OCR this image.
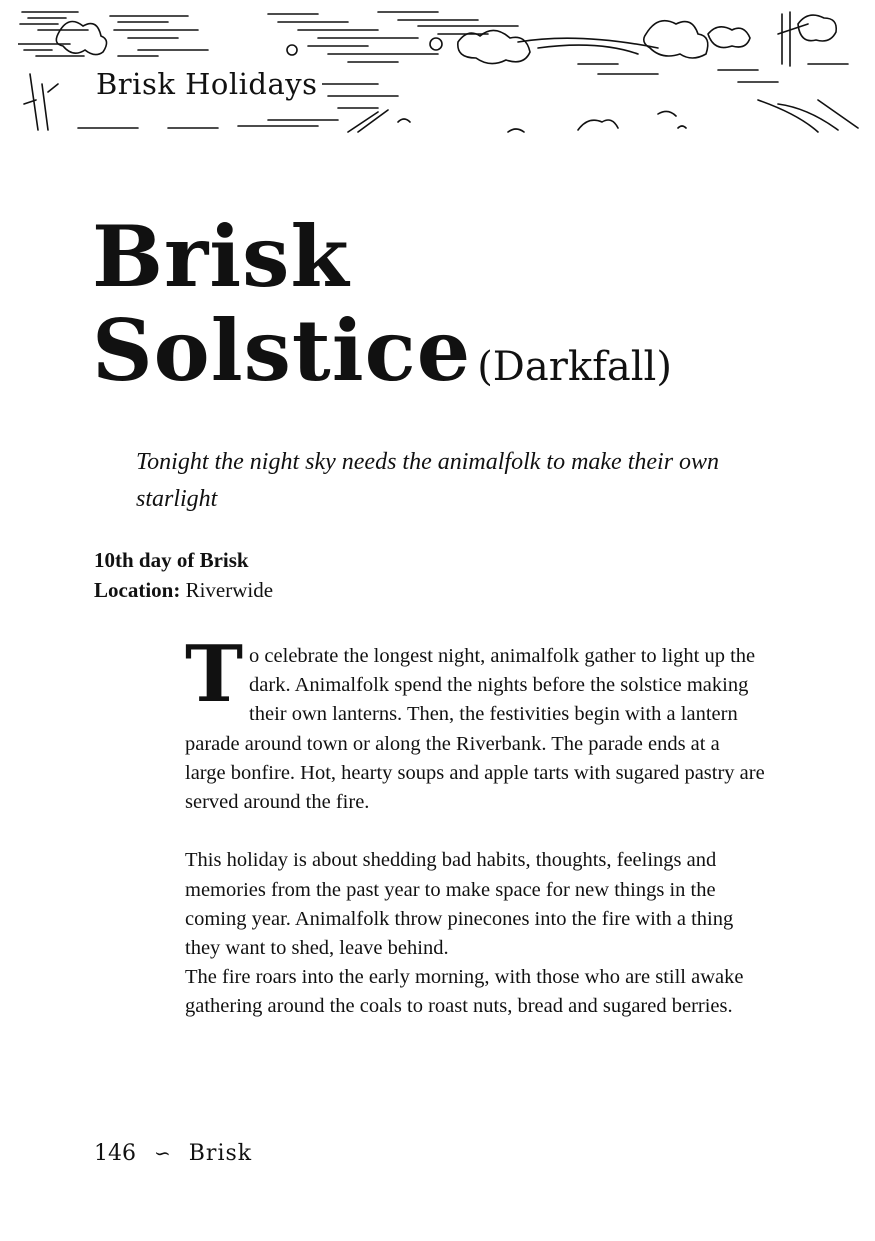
Brisk Holidays
Brisk
Solstice (Darkfall)
Tonight the night sky needs the animalfolk to make their own starlight
10th day of Brisk
Location: Riverwide

To celebrate the longest night, animalfolk gather to light up the dark. Animalfolk spend the nights before the solstice making their own lanterns. Then, the festivities begin with a lantern parade around town or along the Riverbank. The parade ends at a large bonfire. Hot, hearty soups and apple tarts with sugared pastry are served around the fire.

This holiday is about shedding bad habits, thoughts, feelings and memories from the past year to make space for new things in the coming year. Animalfolk throw pinecones into the fire with a thing they want to shed, leave behind.

The fire roars into the early morning, with those who are still awake gathering around the coals to roast nuts, bread and sugared berries.

146 ∽ Brisk
